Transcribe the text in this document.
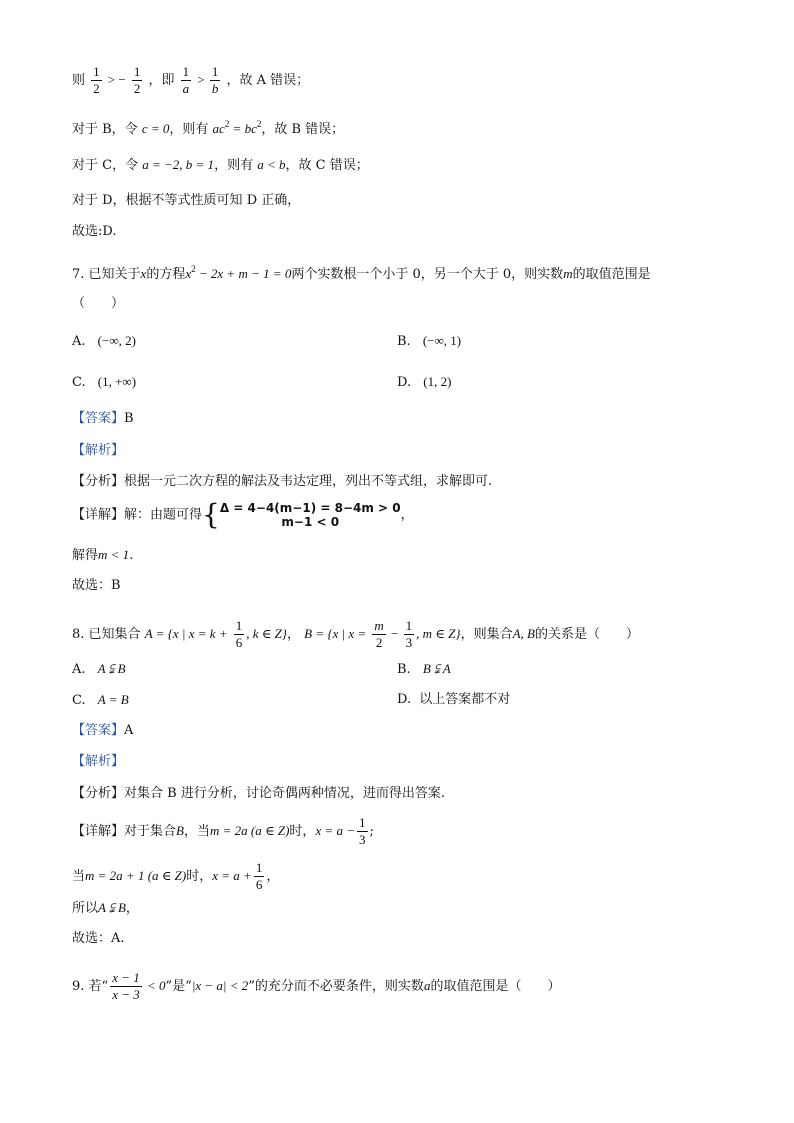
则 $\frac{1}{2}$ > − $\frac{1}{2}$ ，即 $\frac{1}{a} > \frac{1}{b}$ ，故 A 错误；
对于 B，令 c = 0，则有 $ac^2 = bc^2$，故 B 错误；
对于 C，令 a = −2, b = 1，则有 a < b，故 C 错误；
对于 D，根据不等式性质可知 D 正确，
故选:D.
7. 已知关于x的方程$x^2 - 2x + m - 1 = 0$两个实数根一个小于 0，另一个大于 0，则实数m的取值范围是
（　　）
A. (−∞, 2)	B. (−∞, 1)
C. (1, +∞)	D. (1, 2)
【答案】B
【解析】
【分析】根据一元二次方程的解法及韦达定理，列出不等式组，求解即可.
【详解】解：由题可得{ Δ = 4−4(m−1) = 8−4m > 0
m−1 < 0	，
解得m < 1.
故选：B
8. 已知集合 A = {x | $x = k + \frac{1}{6}$ , k ∈ Z}， B = {x | $x = \frac{m}{2} - \frac{1}{3}$ , m ∈ Z}，则集合A, B的关系是（　　）
A. A ⫋ B	B. B ⫋ A
C. A = B	D. 以上答案都不对
【答案】A
【解析】
【分析】对集合 B 进行分析，讨论奇偶两种情况，进而得出答案.
【详解】对于集合B，当m = 2a (a ∈ Z)时，$x = a - \frac{1}{3}$ ;
当m = 2a + 1 (a ∈ Z)时，$x = a + \frac{1}{6}$ ，
所以A ⫋ B，
故选：A.
9. 若“ $\frac{x - 1}{x - 3} < 0$”是“|x − a| < 2”的充分而不必要条件，则实数a的取值范围是（　　）
